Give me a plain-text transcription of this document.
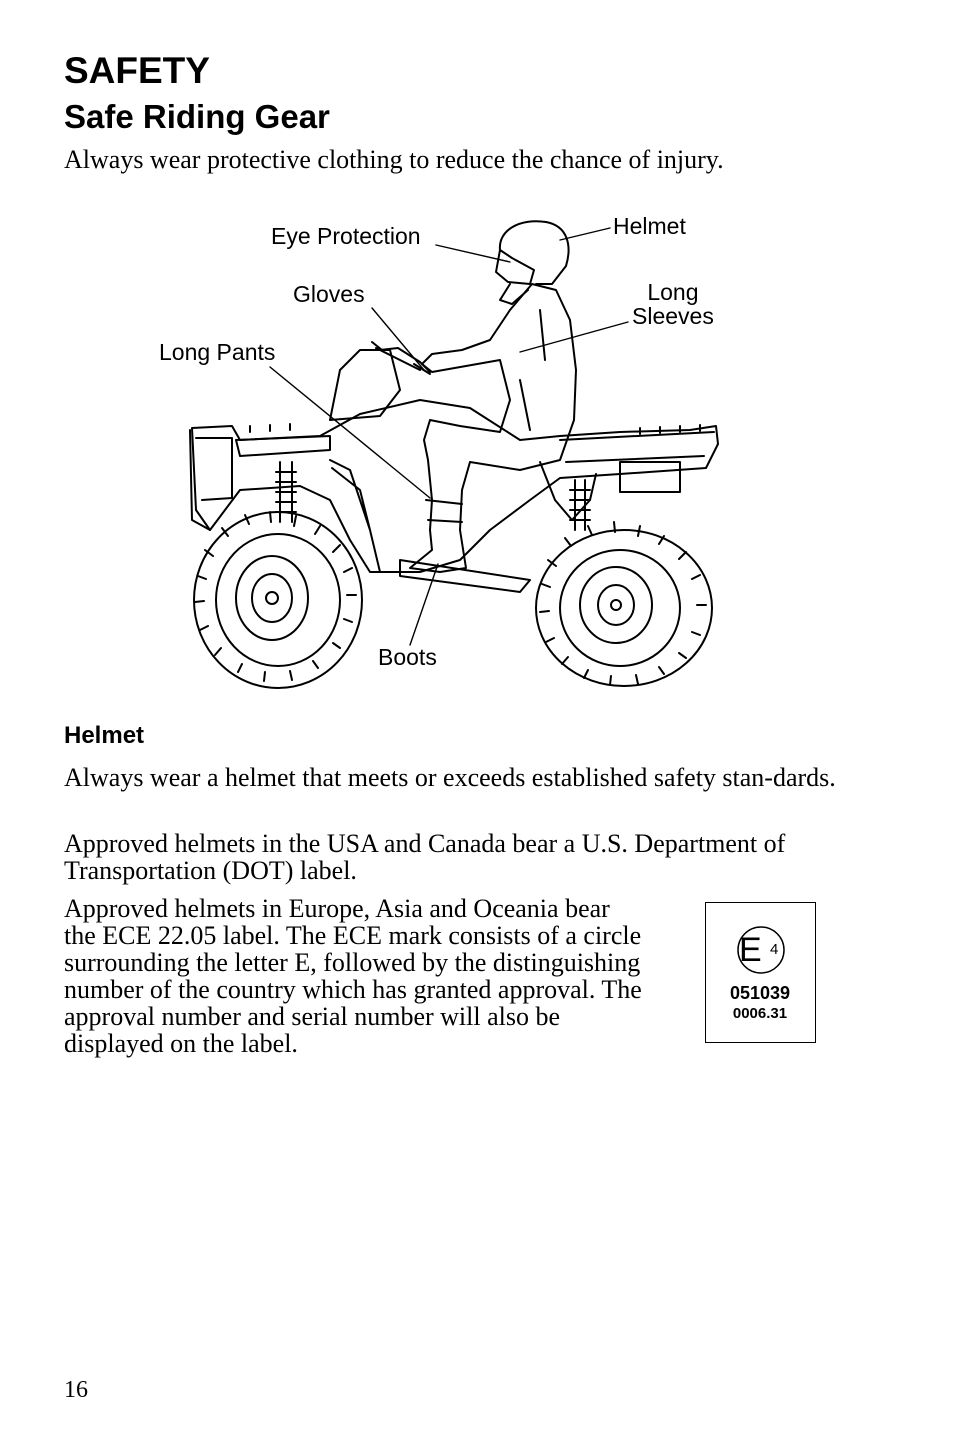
SAFETY
Safe Riding Gear

Always wear protective clothing to reduce the chance of injury.

Eye Protection	Helmet
Gloves	Long
Sleeves
Long Pants
Boots
Helmet

Always wear a helmet that meets or exceeds established safety stan-dards.

Approved helmets in the USA and Canada bear a U.S. Department of Transportation (DOT) label.

Approved helmets in Europe, Asia and Oceania bear the ECE 22.05 label. The ECE mark consists of a circle surrounding the letter E, followed by the distinguishing number of the country which has granted approval. The approval number and serial number will also be displayed on the label.

E 4
051039
0006.31
16
